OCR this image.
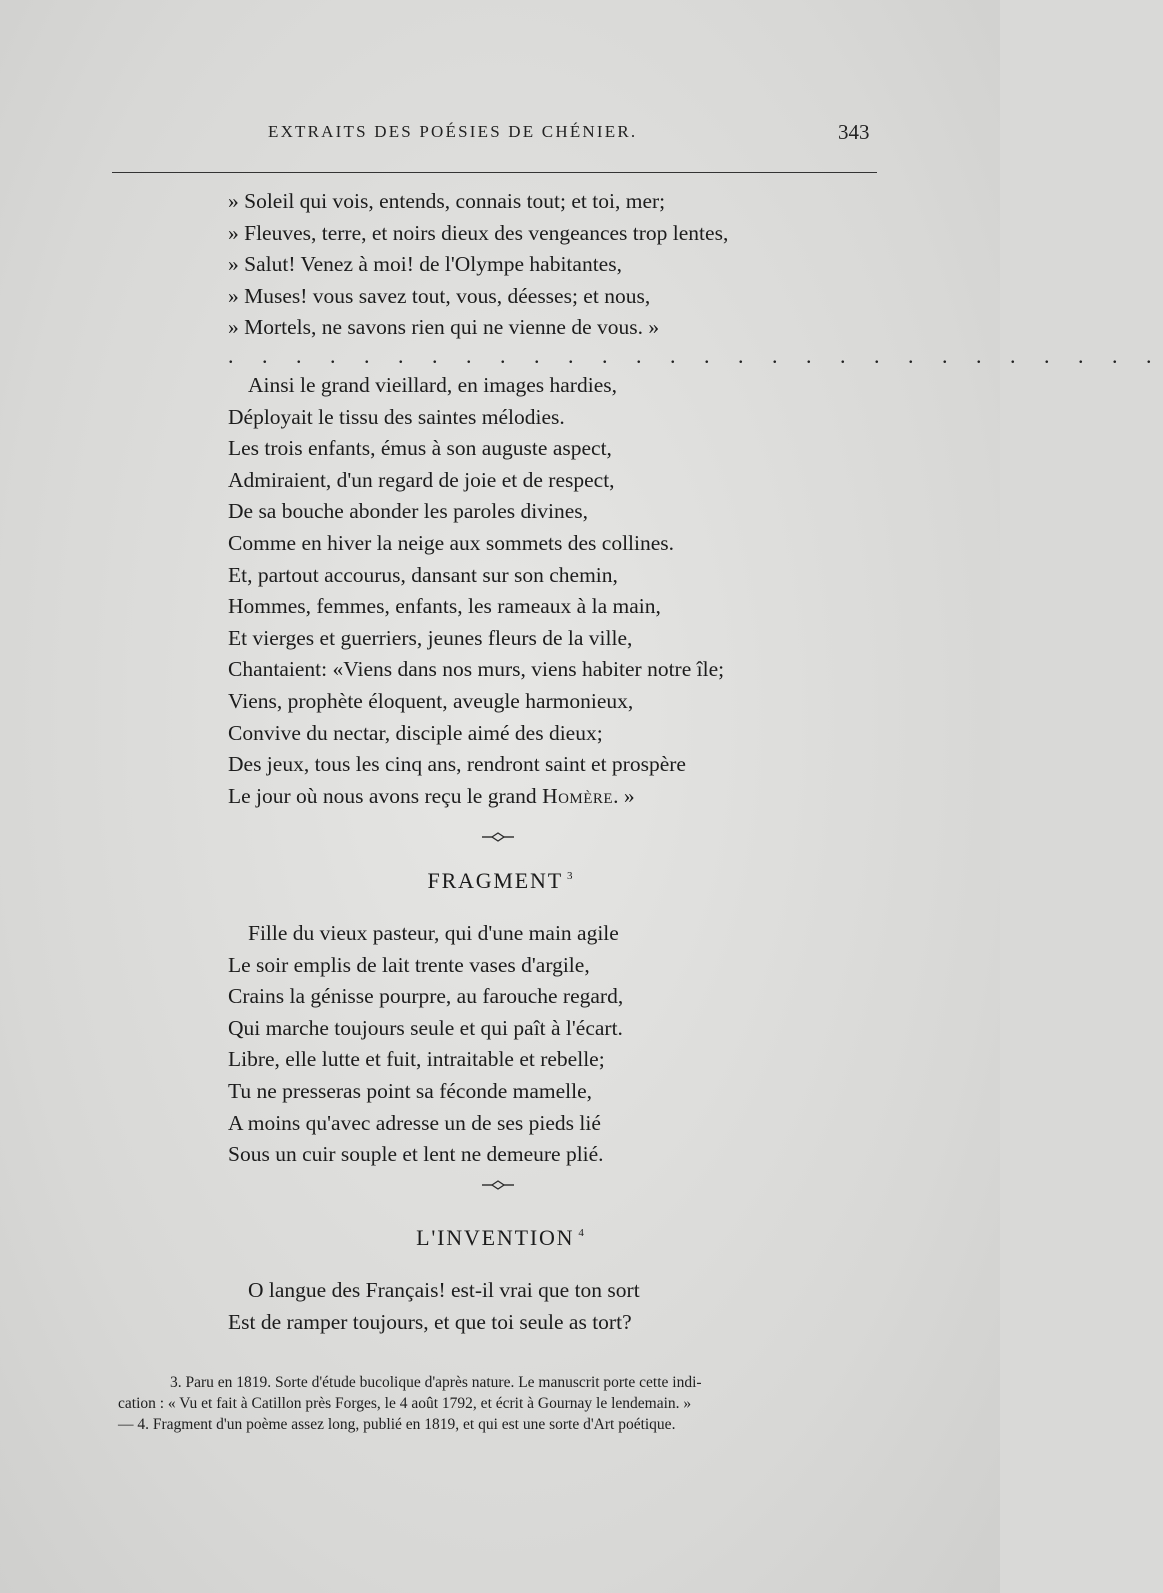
EXTRAITS DES POÉSIES DE CHÉNIER.	343
» Soleil qui vois, entends, connais tout; et toi, mer;
» Fleuves, terre, et noirs dieux des vengeances trop lentes,
» Salut! Venez à moi! de l'Olympe habitantes,
» Muses! vous savez tout, vous, déesses; et nous,
» Mortels, ne savons rien qui ne vienne de vous. »
. . . . . . . . . . . . . . . . . . . . . . . . . . . .
Ainsi le grand vieillard, en images hardies,
Déployait le tissu des saintes mélodies.
Les trois enfants, émus à son auguste aspect,
Admiraient, d'un regard de joie et de respect,
De sa bouche abonder les paroles divines,
Comme en hiver la neige aux sommets des collines.
Et, partout accourus, dansant sur son chemin,
Hommes, femmes, enfants, les rameaux à la main,
Et vierges et guerriers, jeunes fleurs de la ville,
Chantaient: «Viens dans nos murs, viens habiter notre île;
Viens, prophète éloquent, aveugle harmonieux,
Convive du nectar, disciple aimé des dieux;
Des jeux, tous les cinq ans, rendront saint et prospère
Le jour où nous avons reçu le grand Homère. »
FRAGMENT $^3$
Fille du vieux pasteur, qui d'une main agile
Le soir emplis de lait trente vases d'argile,
Crains la génisse pourpre, au farouche regard,
Qui marche toujours seule et qui paît à l'écart.
Libre, elle lutte et fuit, intraitable et rebelle;
Tu ne presseras point sa féconde mamelle,
A moins qu'avec adresse un de ses pieds lié
Sous un cuir souple et lent ne demeure plié.
L'INVENTION $^4$
O langue des Français! est-il vrai que ton sort
Est de ramper toujours, et que toi seule as tort?
3. Paru en 1819. Sorte d'étude bucolique d'après nature. Le manuscrit porte cette indi-
cation : « Vu et fait à Catillon près Forges, le 4 août 1792, et écrit à Gournay le lendemain. »
— 4. Fragment d'un poème assez long, publié en 1819, et qui est une sorte d'Art poétique.
